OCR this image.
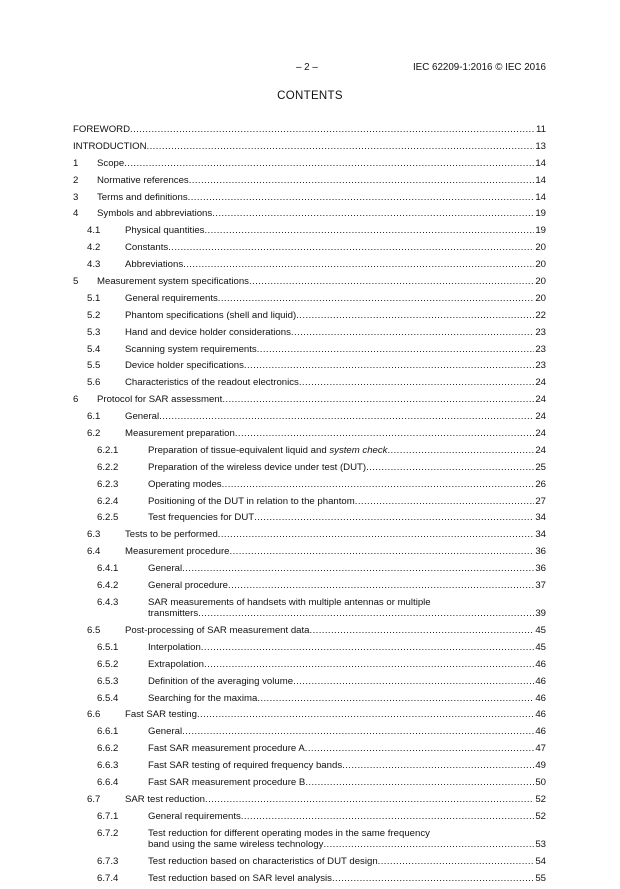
– 2 –	IEC 62209-1:2016 © IEC 2016
CONTENTS
FOREWORD .....	11
INTRODUCTION .....	13
1 Scope .....	14
2 Normative references .....	14
3 Terms and definitions .....	14
4 Symbols and abbreviations .....	19
4.1	Physical quantities .....	19
4.2	Constants .....	20
4.3	Abbreviations .....	20
5 Measurement system specifications .....	20
5.1	General requirements .....	20
5.2	Phantom specifications (shell and liquid) .....	22
5.3	Hand and device holder considerations .....	23
5.4	Scanning system requirements .....	23
5.5	Device holder specifications .....	23
5.6	Characteristics of the readout electronics .....	24
6 Protocol for SAR assessment .....	24
6.1	General .....	24
6.2	Measurement preparation .....	24
6.2.1	Preparation of tissue-equivalent liquid and system check .....	24
6.2.2	Preparation of the wireless device under test (DUT) .....	25
6.2.3	Operating modes .....	26
6.2.4	Positioning of the DUT in relation to the phantom .....	27
6.2.5	Test frequencies for DUT .....	34
6.3	Tests to be performed .....	34
6.4	Measurement procedure .....	36
6.4.1	General .....	36
6.4.2	General procedure .....	37
6.4.3	SAR measurements of handsets with multiple antennas or multiple
transmitters .....	39
6.5	Post-processing of SAR measurement data .....	45
6.5.1	Interpolation .....	45
6.5.2	Extrapolation .....	46
6.5.3	Definition of the averaging volume .....	46
6.5.4	Searching for the maxima .....	46
6.6	Fast SAR testing .....	46
6.6.1	General .....	46
6.6.2	Fast SAR measurement procedure A .....	47
6.6.3	Fast SAR testing of required frequency bands .....	49
6.6.4	Fast SAR measurement procedure B .....	50
6.7	SAR test reduction .....	52
6.7.1	General requirements .....	52
6.7.2	Test reduction for different operating modes in the same frequency
band using the same wireless technology .....	53
6.7.3	Test reduction based on characteristics of DUT design .....	54
6.7.4	Test reduction based on SAR level analysis .....	55
